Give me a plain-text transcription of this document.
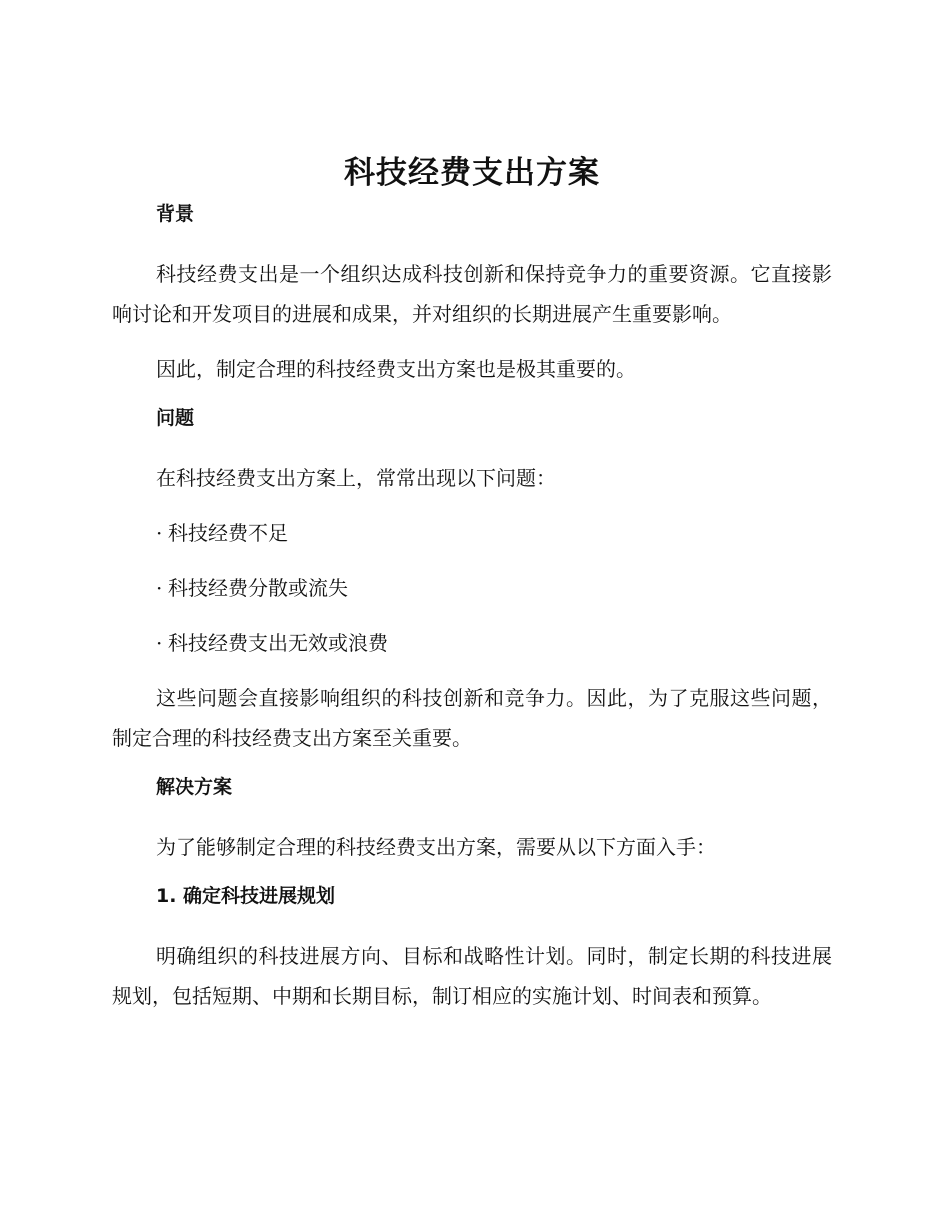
科技经费支出方案
背景

科技经费支出是一个组织达成科技创新和保持竞争力的重要资源。它直接影响讨论和开发项目的进展和成果，并对组织的长期进展产生重要影响。

因此，制定合理的科技经费支出方案也是极其重要的。

问题

在科技经费支出方案上，常常出现以下问题：

· 科技经费不足
· 科技经费分散或流失
· 科技经费支出无效或浪费

这些问题会直接影响组织的科技创新和竞争力。因此，为了克服这些问题，制定合理的科技经费支出方案至关重要。

解决方案

为了能够制定合理的科技经费支出方案，需要从以下方面入手：

1. 确定科技进展规划

明确组织的科技进展方向、目标和战略性计划。同时，制定长期的科技进展规划，包括短期、中期和长期目标，制订相应的实施计划、时间表和预算。
